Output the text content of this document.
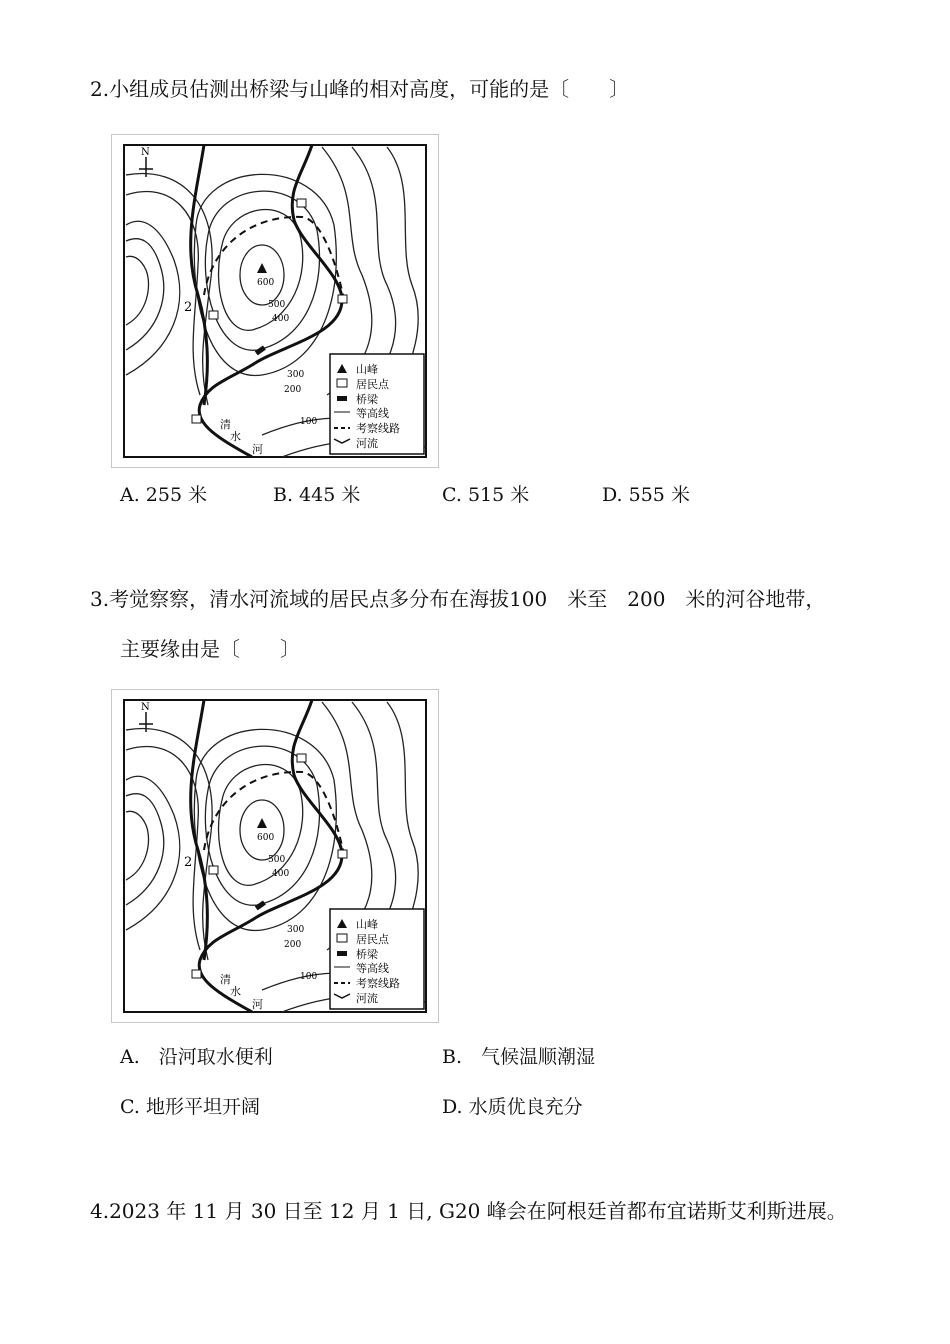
2.小组成员估测出桥梁与山峰的相对高度，可能的是〔　　〕
N
600
500
400
300
200
100
2
清
水
河
山峰
居民点
桥梁
等高线
考察线路
河流
A. 255 米	B. 445 米	C. 515 米	D. 555 米
3.考觉察察，清水河流域的居民点多分布在海拔100　米至　200　米的河谷地带，
主要缘由是〔　　〕
N
600
500
400
300
200
100
2
清
水
河
山峰
居民点
桥梁
等高线
考察线路
河流
A.　沿河取水便利	B.　气候温顺潮湿
C. 地形平坦开阔	D. 水质优良充分
4.2023 年 11 月 30 日至 12 月 1 日, G20 峰会在阿根廷首都布宜诺斯艾利斯进展。
